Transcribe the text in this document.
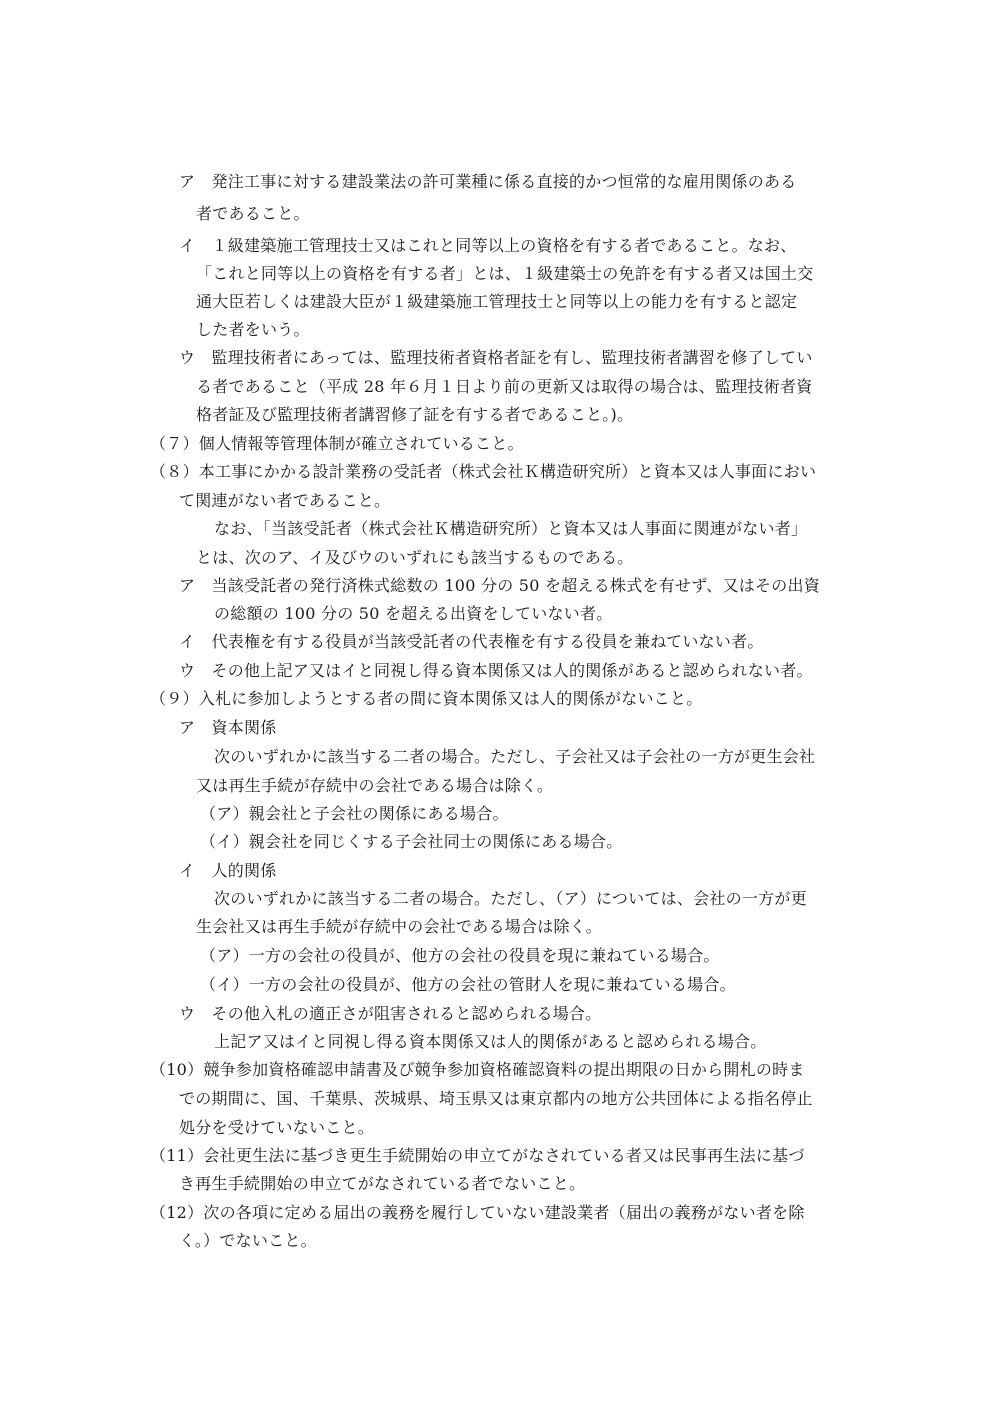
ア　発注工事に対する建設業法の許可業種に係る直接的かつ恒常的な雇用関係のある
者であること。
イ　１級建築施工管理技士又はこれと同等以上の資格を有する者であること。なお、
「これと同等以上の資格を有する者」とは、１級建築士の免許を有する者又は国土交
通大臣若しくは建設大臣が１級建築施工管理技士と同等以上の能力を有すると認定
した者をいう。
ウ　監理技術者にあっては、監理技術者資格者証を有し、監理技術者講習を修了してい
る者であること（平成 28 年６月１日より前の更新又は取得の場合は、監理技術者資
格者証及び監理技術者講習修了証を有する者であること。)。
（７）個人情報等管理体制が確立されていること。
（８）本工事にかかる設計業務の受託者（株式会社Ｋ構造研究所）と資本又は人事面におい
て関連がない者であること。
なお、「当該受託者（株式会社Ｋ構造研究所）と資本又は人事面に関連がない者」
とは、次のア、イ及びウのいずれにも該当するものである。
ア　当該受託者の発行済株式総数の 100 分の 50 を超える株式を有せず、又はその出資
の総額の 100 分の 50 を超える出資をしていない者。
イ　代表権を有する役員が当該受託者の代表権を有する役員を兼ねていない者。
ウ　その他上記ア又はイと同視し得る資本関係又は人的関係があると認められない者。
（９）入札に参加しようとする者の間に資本関係又は人的関係がないこと。
ア　資本関係
次のいずれかに該当する二者の場合。ただし、子会社又は子会社の一方が更生会社
又は再生手続が存続中の会社である場合は除く。
（ア）親会社と子会社の関係にある場合。
（イ）親会社を同じくする子会社同士の関係にある場合。
イ　人的関係
次のいずれかに該当する二者の場合。ただし、（ア）については、会社の一方が更
生会社又は再生手続が存続中の会社である場合は除く。
（ア）一方の会社の役員が、他方の会社の役員を現に兼ねている場合。
（イ）一方の会社の役員が、他方の会社の管財人を現に兼ねている場合。
ウ　その他入札の適正さが阻害されると認められる場合。
上記ア又はイと同視し得る資本関係又は人的関係があると認められる場合。
（10）競争参加資格確認申請書及び競争参加資格確認資料の提出期限の日から開札の時ま
での期間に、国、千葉県、茨城県、埼玉県又は東京都内の地方公共団体による指名停止
処分を受けていないこと。
（11）会社更生法に基づき更生手続開始の申立てがなされている者又は民事再生法に基づ
き再生手続開始の申立てがなされている者でないこと。
（12）次の各項に定める届出の義務を履行していない建設業者（届出の義務がない者を除
く。）でないこと。
